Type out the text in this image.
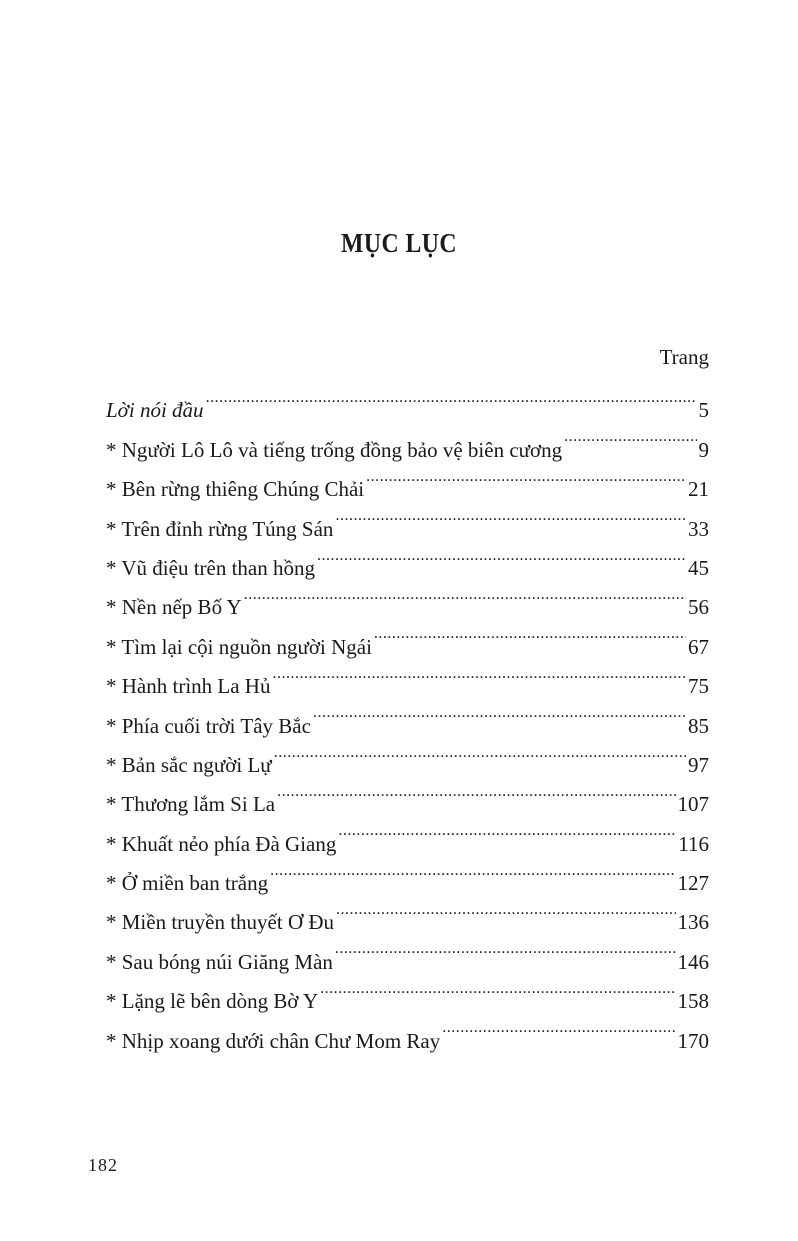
MỤC LỤC
Trang
Lời nói đầu .....	5
* Người Lô Lô và tiếng trống đồng bảo vệ biên cương .....	9
* Bên rừng thiêng Chúng Chải .....	21
* Trên đỉnh rừng Túng Sán .....	33
* Vũ điệu trên than hồng .....	45
* Nền nếp Bố Y .....	56
* Tìm lại cội nguồn người Ngái .....	67
* Hành trình La Hủ .....	75
* Phía cuối trời Tây Bắc .....	85
* Bản sắc người Lự .....	97
* Thương lắm Si La .....	107
* Khuất nẻo phía Đà Giang .....	116
* Ở miền ban trắng .....	127
* Miền truyền thuyết Ơ Đu .....	136
* Sau bóng núi Giăng Màn .....	146
* Lặng lẽ bên dòng Bờ Y .....	158
* Nhịp xoang dưới chân Chư Mom Ray .....	170
182
